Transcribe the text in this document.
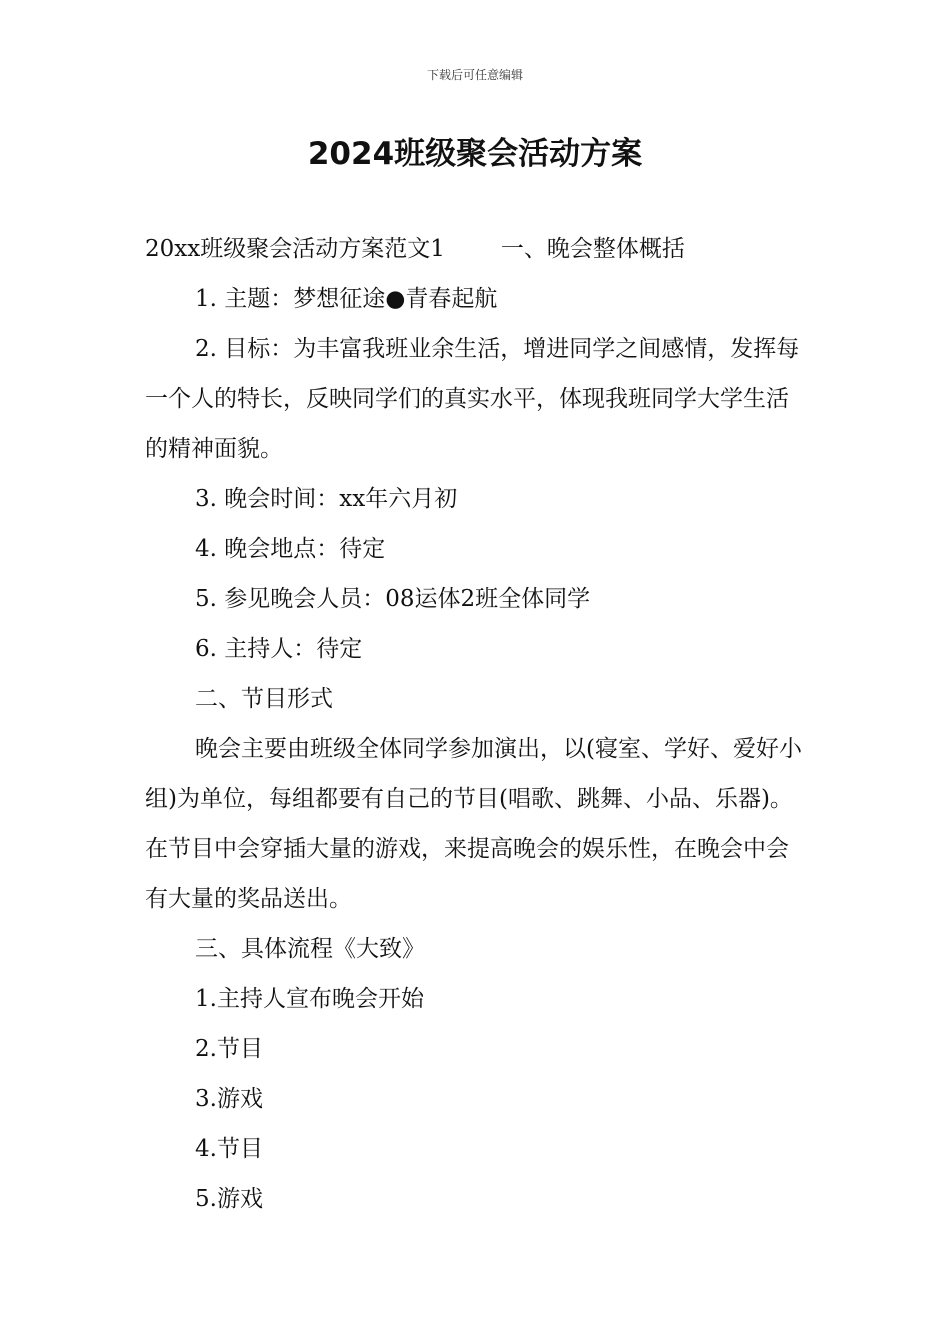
下载后可任意编辑
2024班级聚会活动方案

20xx班级聚会活动方案范文1 一、晚会整体概括

1. 主题：梦想征途●青春起航

2. 目标：为丰富我班业余生活，增进同学之间感情，发挥每一个人的特长，反映同学们的真实水平，体现我班同学大学生活的精神面貌。

3. 晚会时间：xx年六月初

4. 晚会地点：待定

5. 参见晚会人员：08运体2班全体同学

6. 主持人：待定

二、节目形式

晚会主要由班级全体同学参加演出，以(寝室、学好、爱好小组)为单位，每组都要有自己的节目(唱歌、跳舞、小品、乐器)。在节目中会穿插大量的游戏，来提高晚会的娱乐性，在晚会中会有大量的奖品送出。

三、具体流程《大致》

1.主持人宣布晚会开始

2.节目

3.游戏

4.节目

5.游戏
